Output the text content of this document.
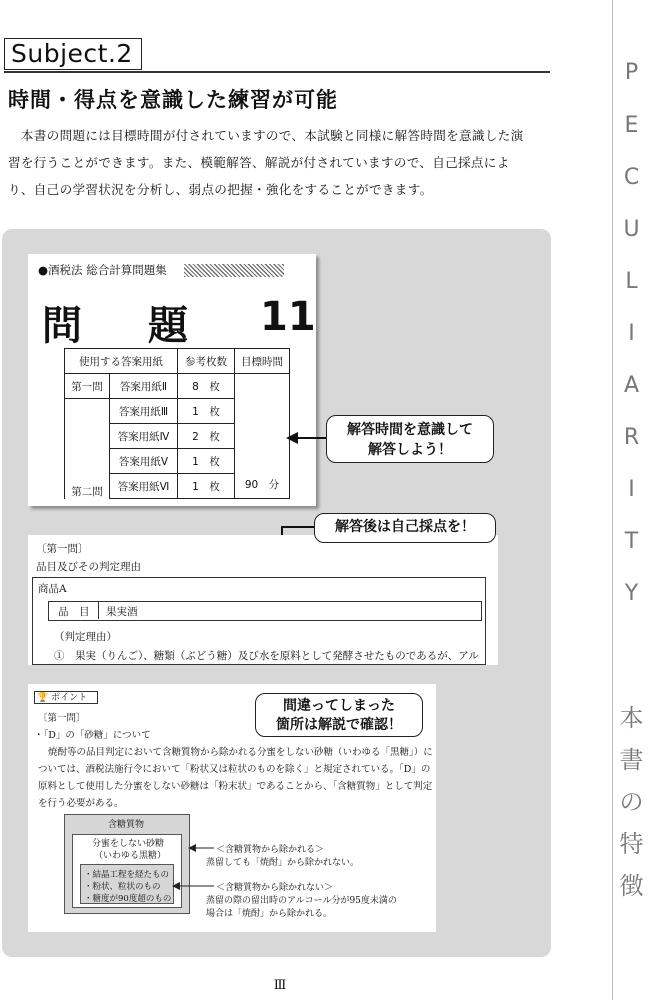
Subject.2
P
E
C
U
L
I
A
R
I
T
Y
本
書
の
特
徴
時間・得点を意識した練習が可能
　本書の問題には目標時間が付されていますので、本試験と同様に解答時間を意識した演
習を行うことができます。また、模範解答、解説が付されていますので、自己採点によ
り、自己の学習状況を分析し、弱点の把握・強化をすることができます。
●酒税法 総合計算問題集
問 題 11
使用する答案用紙		参考枚数	目標時間
第一問	答案用紙Ⅱ	8　枚	90　分
第二問	答案用紙Ⅲ	1　枚	
	答案用紙Ⅳ	2　枚	
	答案用紙Ⅴ	1　枚	
	答案用紙Ⅵ	1　枚	
解答時間を意識して
解答しよう！
〔第一問〕
品目及びその判定理由
商品A
品　目 果実酒
（判定理由）
①　果実（りんご）、糖類（ぶどう糖）及び水を原料として発酵させたものであるが、アル
解答後は自己採点を！
🏆 ポイント
〔第一問〕
・「D」の「砂糖」について
焼酎等の品目判定において含糖質物から除かれる分蜜をしない砂糖（いわゆる「黒糖」）に
ついては、酒税法施行令において「粉状又は粒状のものを除く」と規定されている。「D」の
原料として使用した分蜜をしない砂糖は「粉末状」であることから、「含糖質物」として判定
を行う必要がある。
含糖質物
分蜜をしない砂糖
（いわゆる黒糖）
・結晶工程を経たもの
・粉状、粒状のもの
・糖度が90度超のもの
＜含糖質物から除かれる＞
蒸留しても「焼酎」から除かれない。
＜含糖質物から除かれない＞
蒸留の際の留出時のアルコール分が95度未満の
場合は「焼酎」から除かれる。
間違ってしまった
箇所は解説で確認！
Ⅲ
